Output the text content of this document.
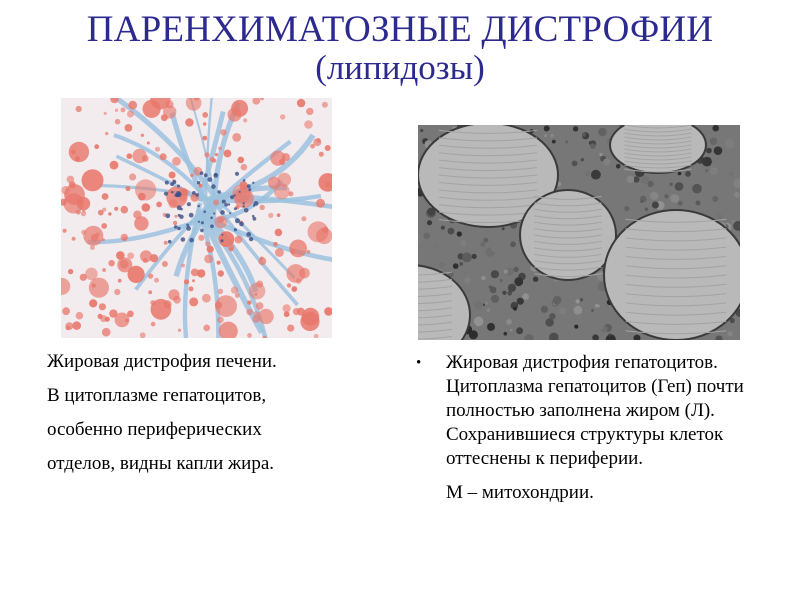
ПАРЕНХИМАТОЗНЫЕ ДИСТРОФИИ
(липидозы)

Жировая дистрофия печени.

В цитоплазме гепатоцитов,

особенно периферических

отделов, видны капли жира.

• Жировая дистрофия гепатоцитов. Цитоплазма гепатоцитов (Геп) почти полностью заполнена жиром (Л). Сохранившиеся структуры клеток оттеснены к периферии.
М – митохондрии.
